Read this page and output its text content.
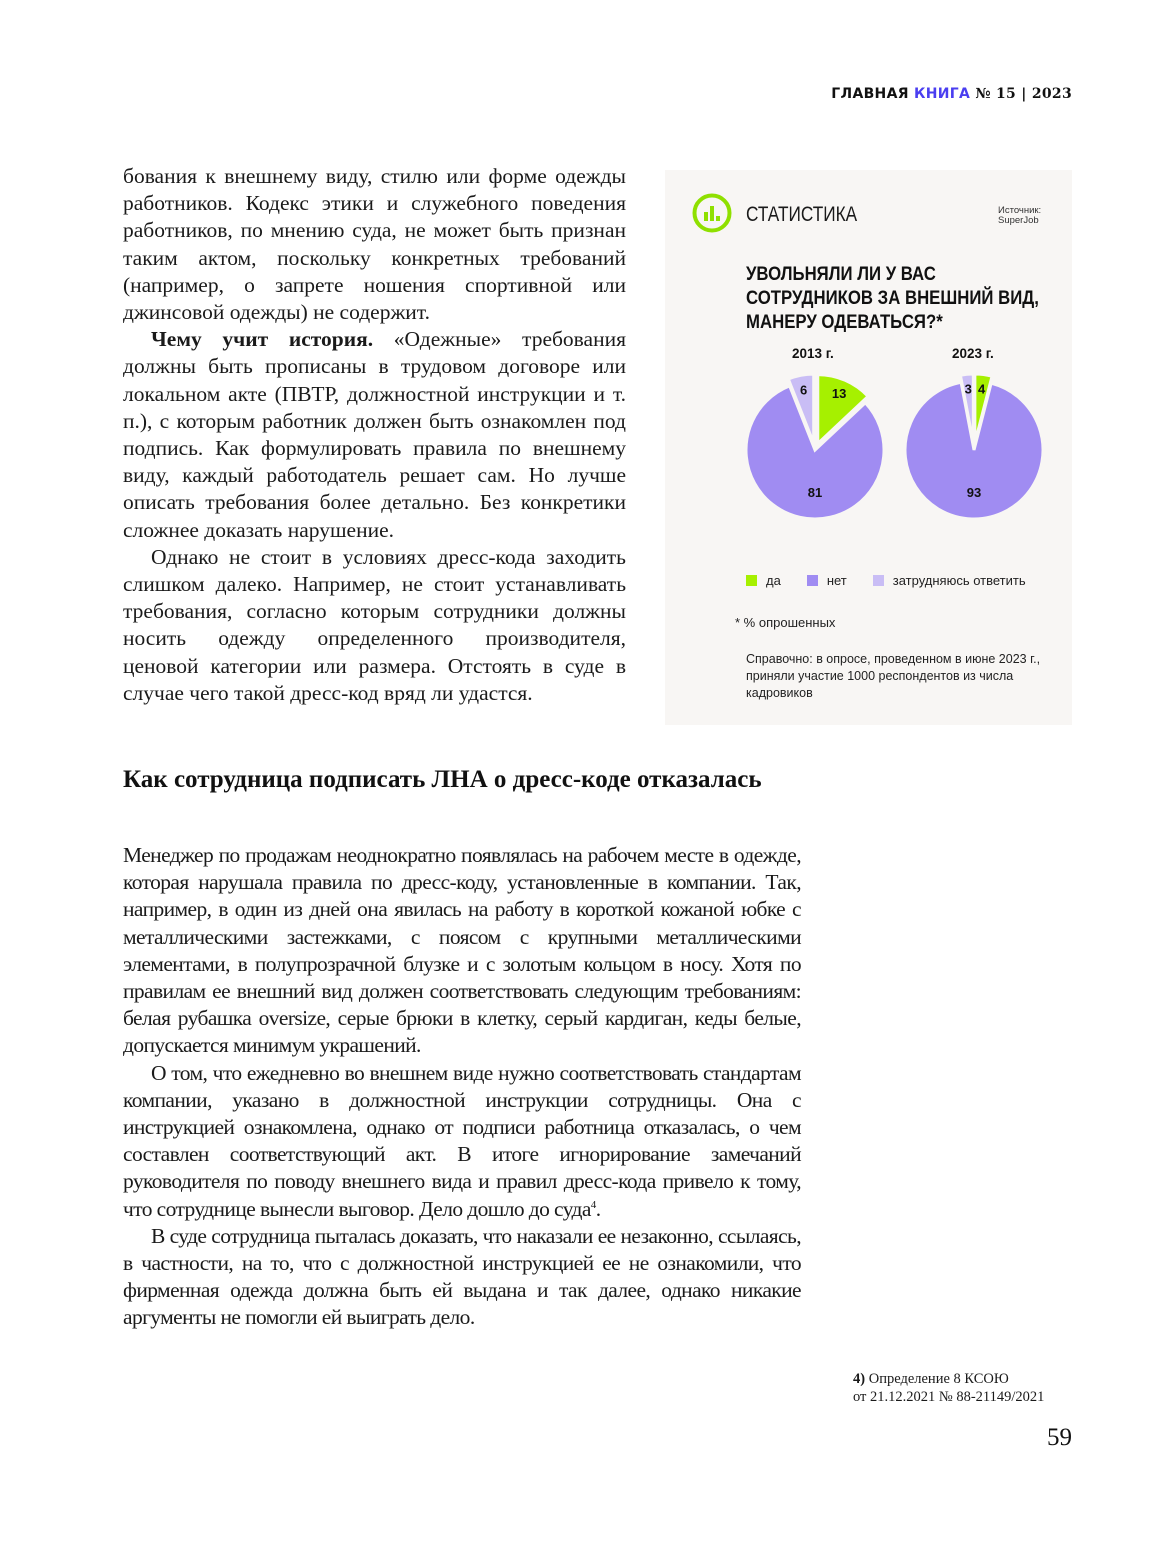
ГЛАВНАЯ КНИГА № 15 | 2023

бования к внешнему виду, стилю или форме одежды работников. Кодекс этики и служебного поведения работников, по мнению суда, не может быть признан таким актом, поскольку конкретных требований (например, о запрете ношения спортивной или джинсовой одежды) не содержит.

Чему учит история. «Одежные» требования должны быть прописаны в трудовом договоре или локальном акте (ПВТР, должностной инструкции и т. п.), с которым работник должен быть ознакомлен под подпись. Как формулировать правила по внешнему виду, каждый работодатель решает сам. Но лучше описать требования более детально. Без конкретики сложнее доказать нарушение.

Однако не стоит в условиях дресс-кода заходить слишком далеко. Например, не стоит устанавливать требования, согласно которым сотрудники должны носить одежду определенного производителя, ценовой категории или размера. Отстоять в суде в случае чего такой дресс-код вряд ли удастся.

СТАТИСТИКА	Источник:
SuperJob
УВОЛЬНЯЛИ ЛИ У ВАС
СОТРУДНИКОВ ЗА ВНЕШНИЙ ВИД,
МАНЕРУ ОДЕВАТЬСЯ?*
2013 г.	2023 г.
13
81
6	4
93
3
да	нет	затрудняюсь ответить
* % опрошенных
Справочно: в опросе, проведенном в июне 2023 г., приняли участие 1000 респондентов из числа кадровиков
Как сотрудница подписать ЛНА о дресс-коде отказалась

Менеджер по продажам неоднократно появлялась на рабочем месте в одежде, которая нарушала правила по дресс-коду, установленные в компании. Так, например, в один из дней она явилась на работу в короткой кожаной юбке с металлическими застежками, с поясом с крупными металлическими элементами, в полупрозрачной блузке и с золотым кольцом в носу. Хотя по правилам ее внешний вид должен соответствовать следующим требованиям: белая рубашка oversize, серые брюки в клетку, серый кардиган, кеды белые, допускается минимум украшений.

О том, что ежедневно во внешнем виде нужно соответствовать стандартам компании, указано в должностной инструкции сотрудницы. Она с инструкцией ознакомлена, однако от подписи работница отказалась, о чем составлен соответствующий акт. В итоге игнорирование замечаний руководителя по поводу внешнего вида и правил дресс-кода привело к тому, что сотруднице вынесли выговор. Дело дошло до суда$^4$.

В суде сотрудница пыталась доказать, что наказали ее незаконно, ссылаясь, в частности, на то, что с должностной инструкцией ее не ознакомили, что фирменная одежда должна быть ей выдана и так далее, однако никакие аргументы не помогли ей выиграть дело.

4) Определение 8 КСОЮ
от 21.12.2021 № 88-21149/2021
59
